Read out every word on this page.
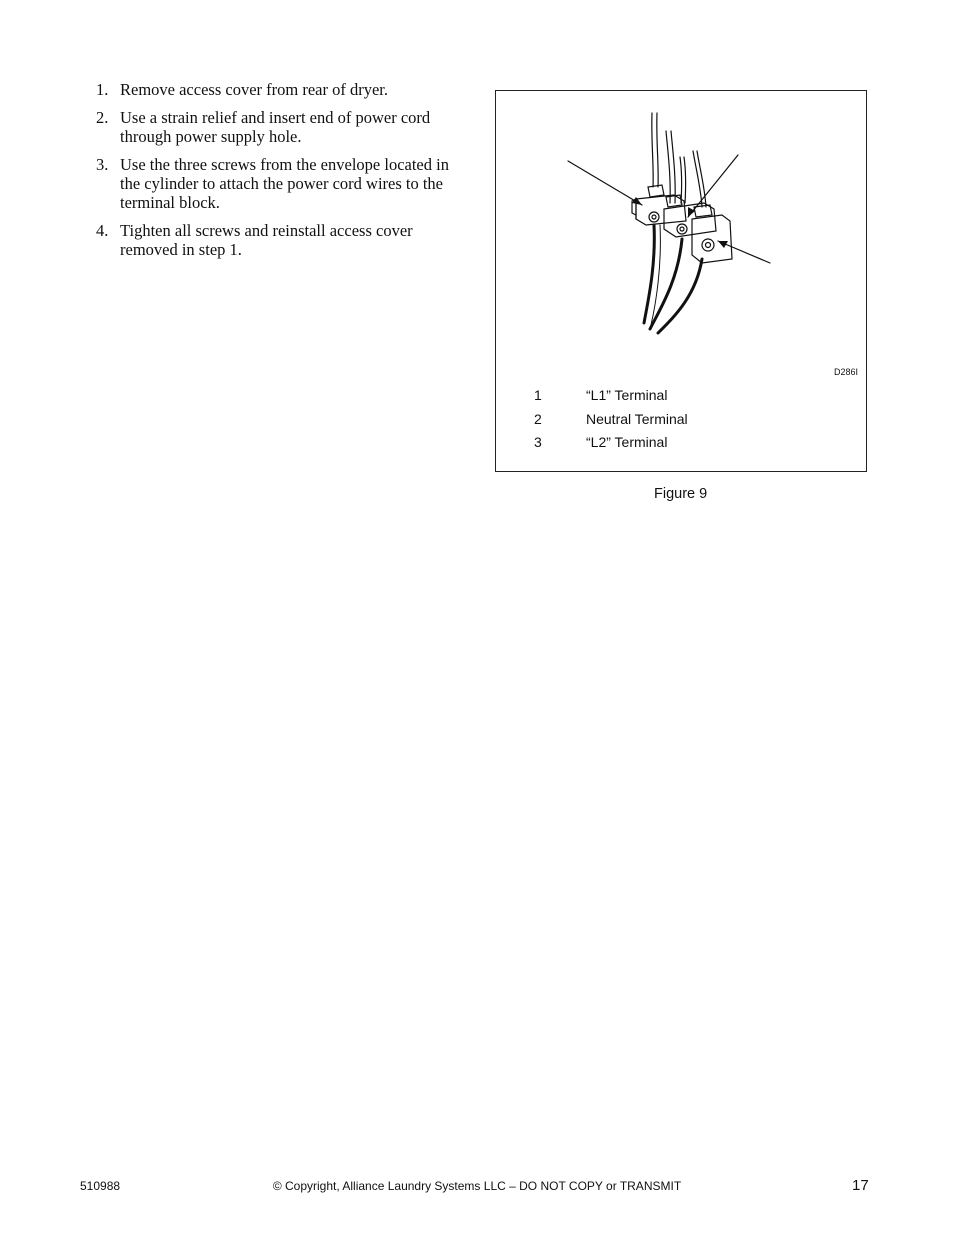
1. Remove access cover from rear of dryer.
2. Use a strain relief and insert end of power cord through power supply hole.
3. Use the three screws from the envelope located in the cylinder to attach the power cord wires to the terminal block.
4. Tighten all screws and reinstall access cover removed in step 1.
D286I
1	“L1” Terminal
2	Neutral Terminal
3	“L2” Terminal
Figure 9
510988	© Copyright, Alliance Laundry Systems LLC – DO NOT COPY or TRANSMIT	17
